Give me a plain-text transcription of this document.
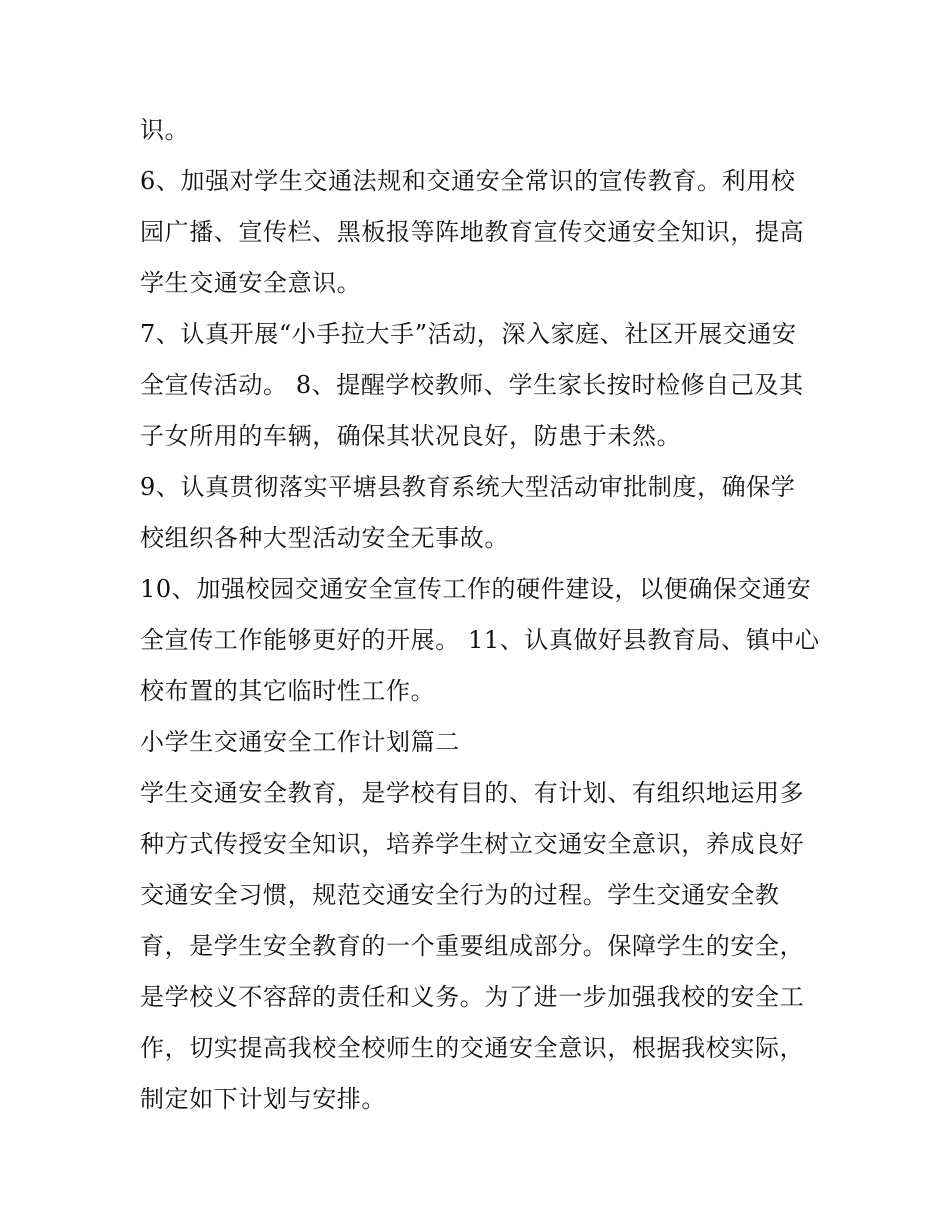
识。
6、加强对学生交通法规和交通安全常识的宣传教育。利用校
园广播、宣传栏、黑板报等阵地教育宣传交通安全知识，提高
学生交通安全意识。
7、认真开展“小手拉大手”活动，深入家庭、社区开展交通安
全宣传活动。 8、提醒学校教师、学生家长按时检修自己及其
子女所用的车辆，确保其状况良好，防患于未然。
9、认真贯彻落实平塘县教育系统大型活动审批制度，确保学
校组织各种大型活动安全无事故。
10、加强校园交通安全宣传工作的硬件建设，以便确保交通安
全宣传工作能够更好的开展。 11、认真做好县教育局、镇中心
校布置的其它临时性工作。
小学生交通安全工作计划篇二
学生交通安全教育，是学校有目的、有计划、有组织地运用多
种方式传授安全知识，培养学生树立交通安全意识，养成良好
交通安全习惯，规范交通安全行为的过程。学生交通安全教
育，是学生安全教育的一个重要组成部分。保障学生的安全，
是学校义不容辞的责任和义务。为了进一步加强我校的安全工
作，切实提高我校全校师生的交通安全意识，根据我校实际，
制定如下计划与安排。
